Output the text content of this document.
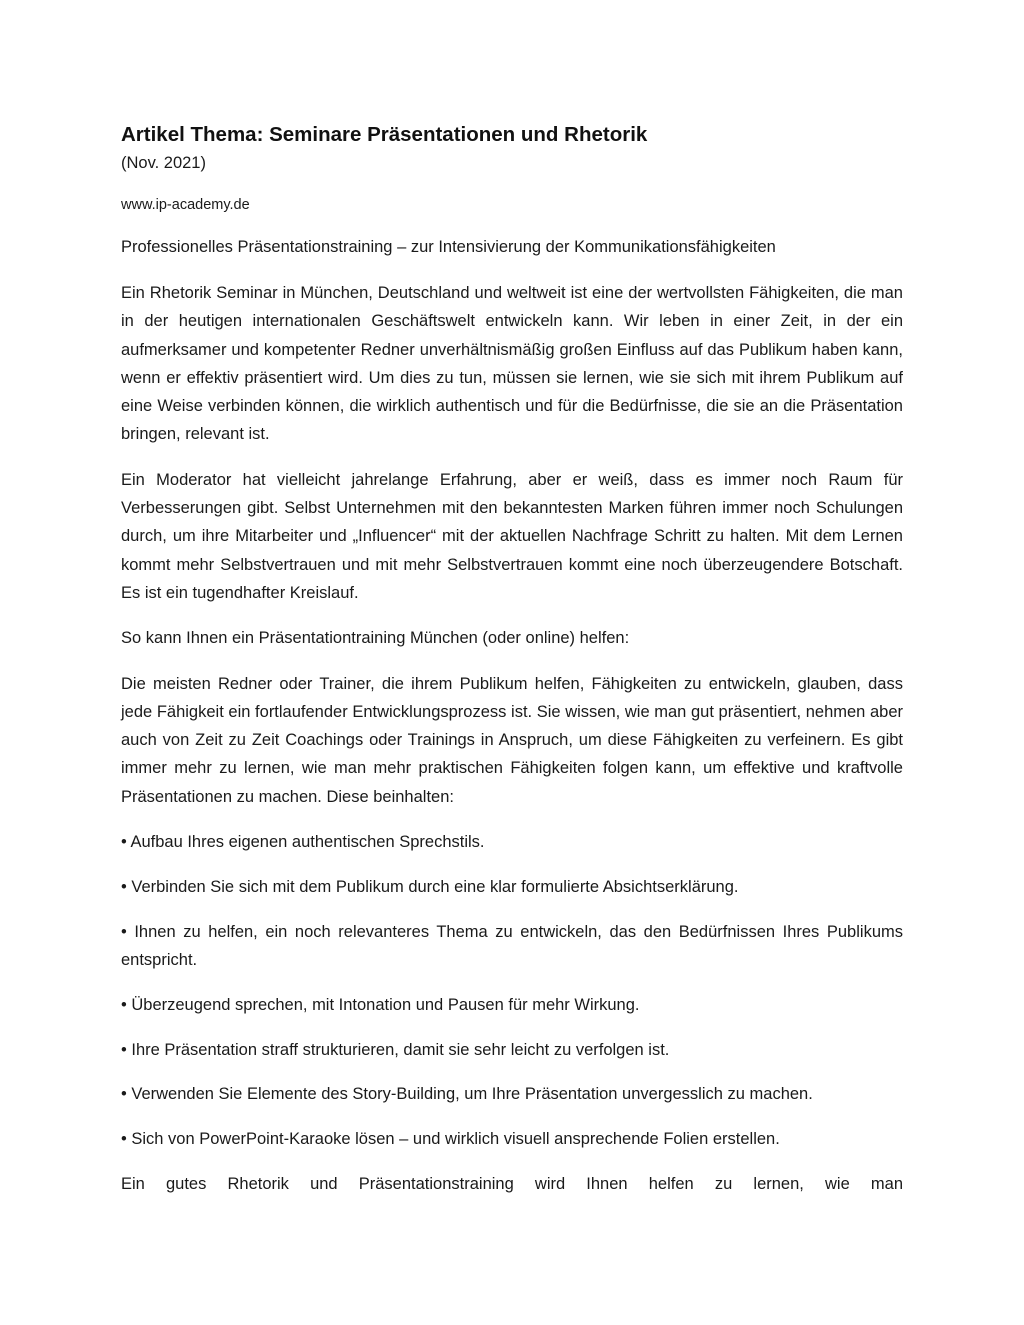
Artikel Thema: Seminare Präsentationen und Rhetorik
(Nov. 2021)
www.ip-academy.de
Professionelles Präsentationstraining – zur Intensivierung der Kommunikationsfähigkeiten

Ein Rhetorik Seminar in München, Deutschland und weltweit ist eine der wertvollsten Fähigkeiten, die man in der heutigen internationalen Geschäftswelt entwickeln kann. Wir leben in einer Zeit, in der ein aufmerksamer und kompetenter Redner unverhältnismäßig großen Einfluss auf das Publikum haben kann, wenn er effektiv präsentiert wird. Um dies zu tun, müssen sie lernen, wie sie sich mit ihrem Publikum auf eine Weise verbinden können, die wirklich authentisch und für die Bedürfnisse, die sie an die Präsentation bringen, relevant ist.

Ein Moderator hat vielleicht jahrelange Erfahrung, aber er weiß, dass es immer noch Raum für Verbesserungen gibt. Selbst Unternehmen mit den bekanntesten Marken führen immer noch Schulungen durch, um ihre Mitarbeiter und „Influencer“ mit der aktuellen Nachfrage Schritt zu halten. Mit dem Lernen kommt mehr Selbstvertrauen und mit mehr Selbstvertrauen kommt eine noch überzeugendere Botschaft. Es ist ein tugendhafter Kreislauf.

So kann Ihnen ein Präsentationtraining München (oder online) helfen:

Die meisten Redner oder Trainer, die ihrem Publikum helfen, Fähigkeiten zu entwickeln, glauben, dass jede Fähigkeit ein fortlaufender Entwicklungsprozess ist. Sie wissen, wie man gut präsentiert, nehmen aber auch von Zeit zu Zeit Coachings oder Trainings in Anspruch, um diese Fähigkeiten zu verfeinern. Es gibt immer mehr zu lernen, wie man mehr praktischen Fähigkeiten folgen kann, um effektive und kraftvolle Präsentationen zu machen. Diese beinhalten:

• Aufbau Ihres eigenen authentischen Sprechstils.
• Verbinden Sie sich mit dem Publikum durch eine klar formulierte Absichtserklärung.
• Ihnen zu helfen, ein noch relevanteres Thema zu entwickeln, das den Bedürfnissen Ihres Publikums entspricht.
• Überzeugend sprechen, mit Intonation und Pausen für mehr Wirkung.
• Ihre Präsentation straff strukturieren, damit sie sehr leicht zu verfolgen ist.
• Verwenden Sie Elemente des Story-Building, um Ihre Präsentation unvergesslich zu machen.
• Sich von PowerPoint-Karaoke lösen – und wirklich visuell ansprechende Folien erstellen.

Ein gutes Rhetorik und Präsentationstraining wird Ihnen helfen zu lernen, wie man
